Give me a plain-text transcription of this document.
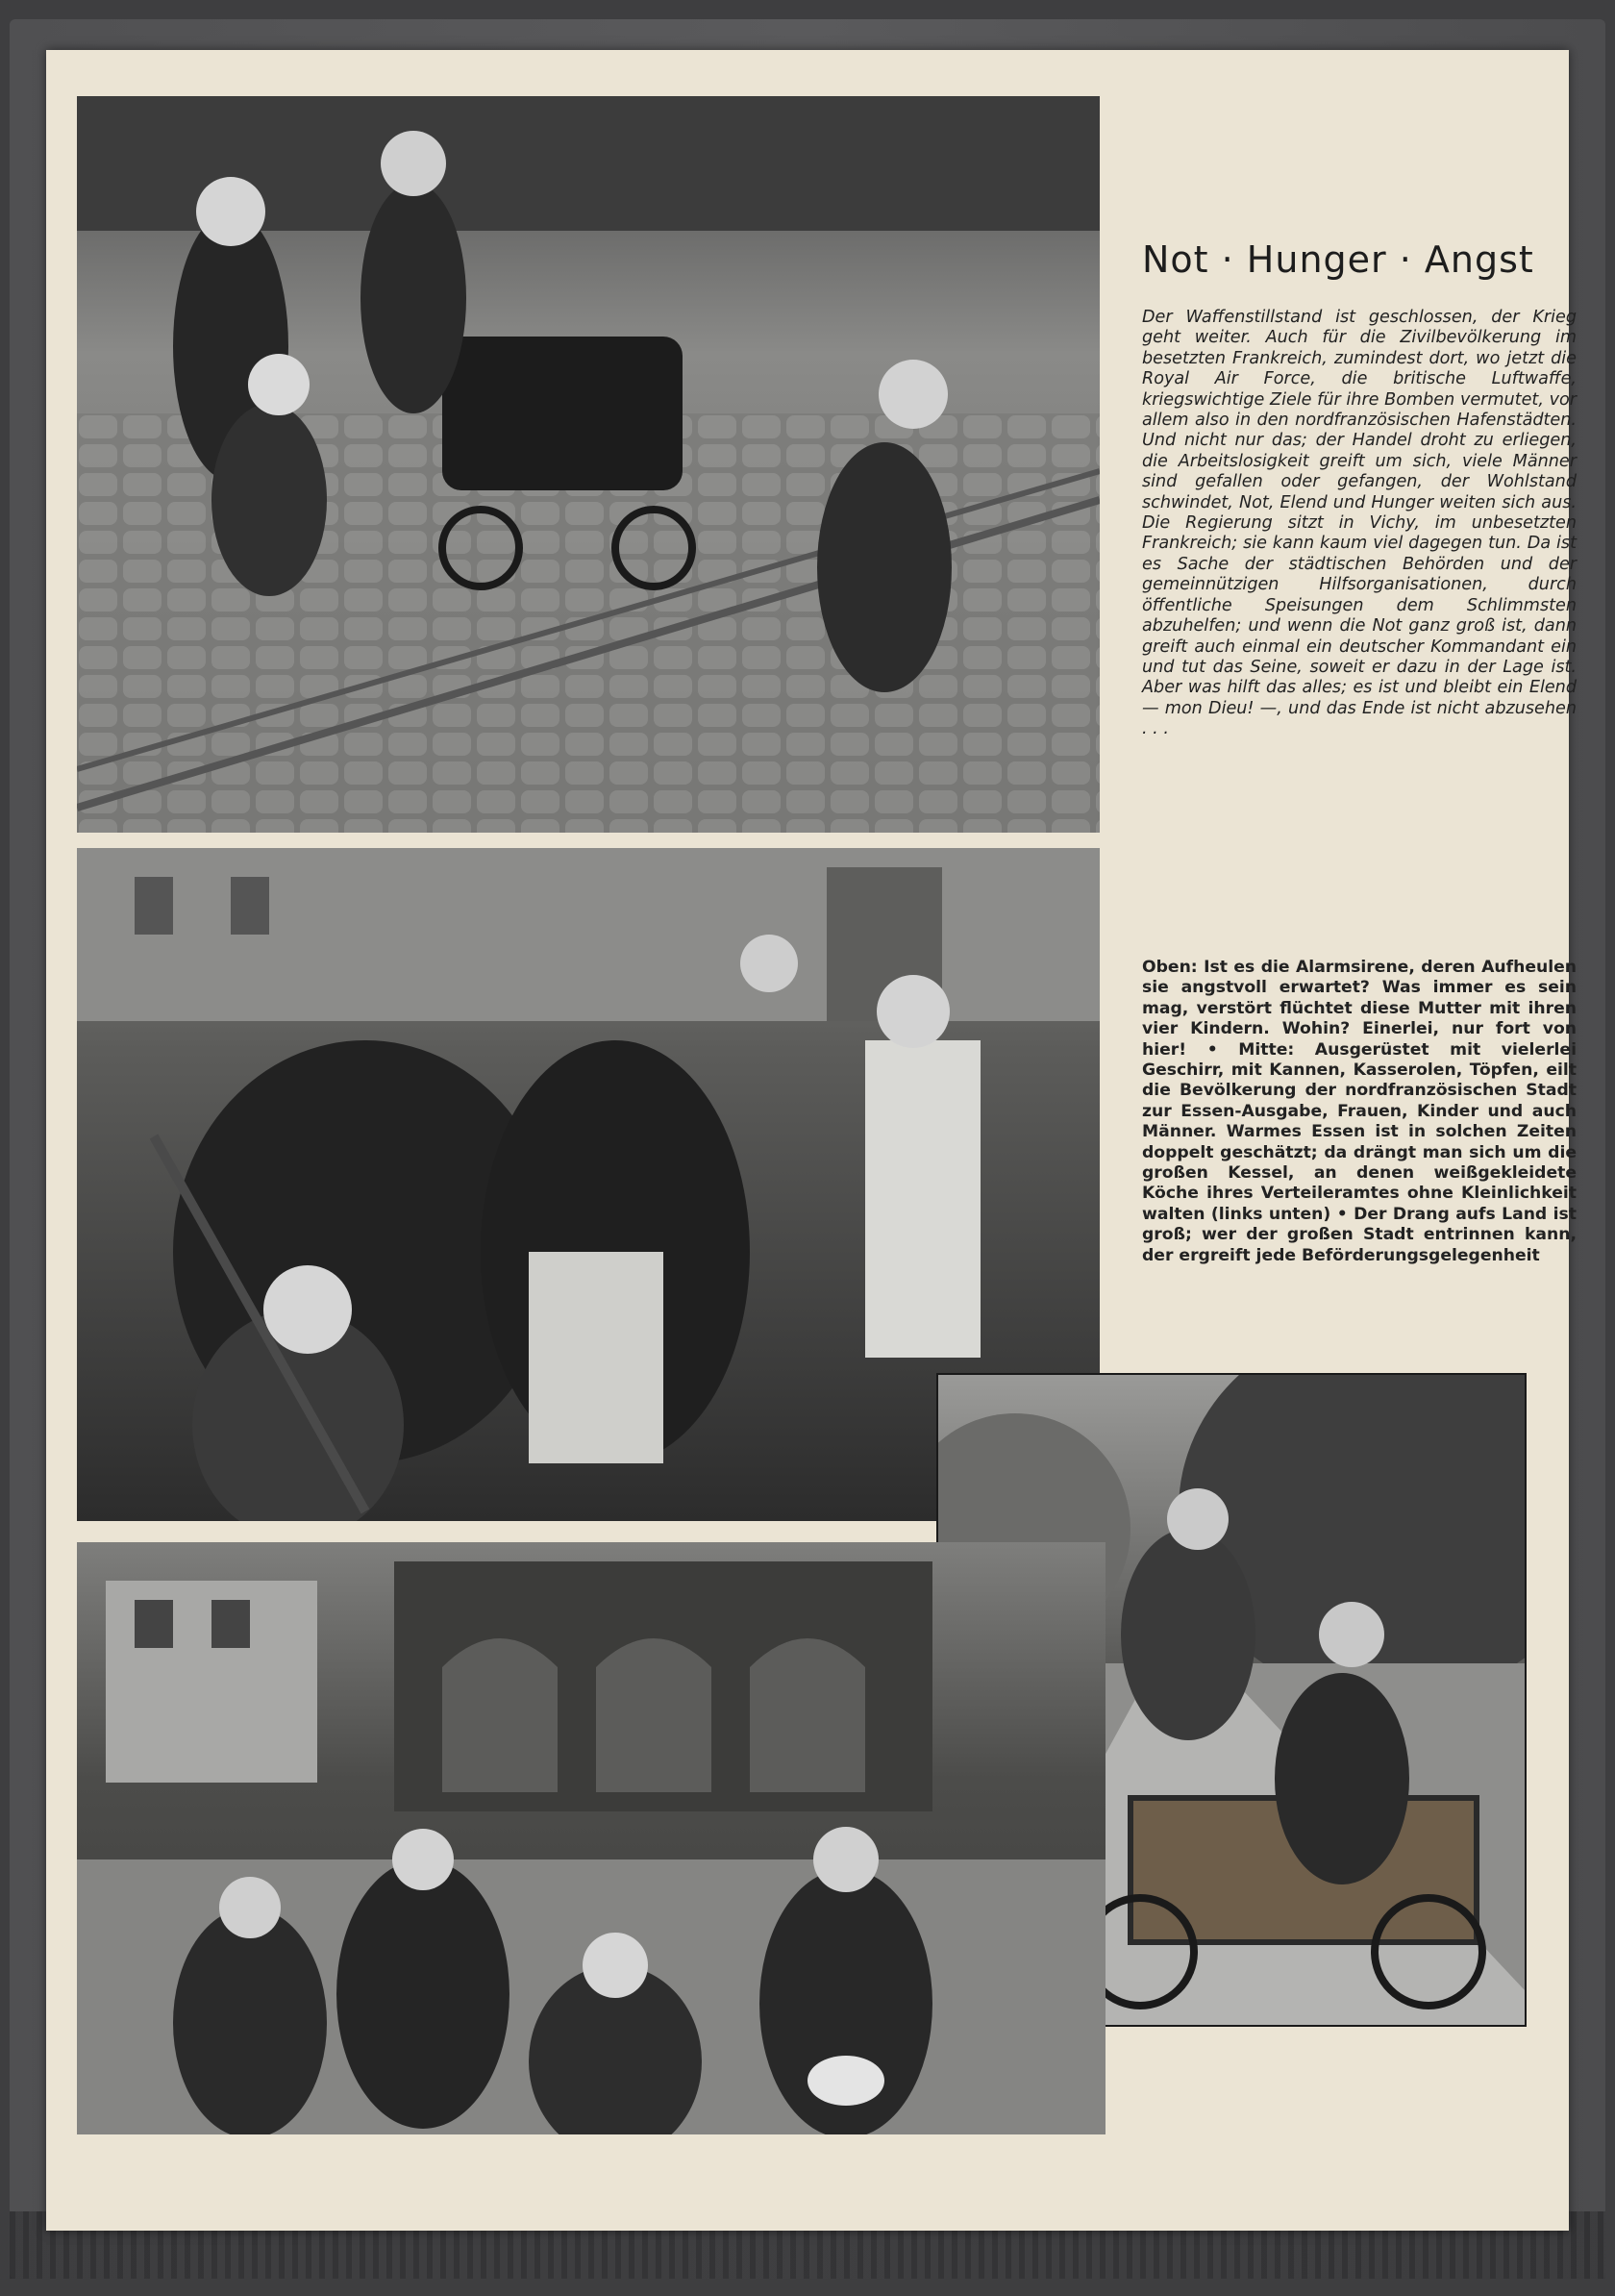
Not · Hunger · Angst

Der Waffenstillstand ist geschlossen, der Krieg geht weiter. Auch für die Zivilbevölkerung im besetzten Frankreich, zumindest dort, wo jetzt die Royal Air Force, die britische Luftwaffe, kriegswichtige Ziele für ihre Bomben vermutet, vor allem also in den nordfranzösischen Hafenstädten. Und nicht nur das; der Handel droht zu erliegen, die Arbeitslosigkeit greift um sich, viele Männer sind gefallen oder gefangen, der Wohlstand schwindet, Not, Elend und Hunger weiten sich aus. Die Regierung sitzt in Vichy, im unbesetzten Frankreich; sie kann kaum viel dagegen tun. Da ist es Sache der städtischen Behörden und der gemeinnützigen Hilfsorganisationen, durch öffentliche Speisungen dem Schlimmsten abzuhelfen; und wenn die Not ganz groß ist, dann greift auch einmal ein deutscher Kommandant ein und tut das Seine, soweit er dazu in der Lage ist. Aber was hilft das alles; es ist und bleibt ein Elend — mon Dieu! —, und das Ende ist nicht abzusehen . . .

Oben: Ist es die Alarmsirene, deren Aufheulen sie angstvoll erwartet? Was immer es sein mag, verstört flüchtet diese Mutter mit ihren vier Kindern. Wohin? Einerlei, nur fort von hier! • Mitte: Ausgerüstet mit vielerlei Geschirr, mit Kannen, Kasserolen, Töpfen, eilt die Bevölkerung der nordfranzösischen Stadt zur Essen-Ausgabe, Frauen, Kinder und auch Männer. Warmes Essen ist in solchen Zeiten doppelt geschätzt; da drängt man sich um die großen Kessel, an denen weißgekleidete Köche ihres Verteileramtes ohne Kleinlichkeit walten (links unten) • Der Drang aufs Land ist groß; wer der großen Stadt entrinnen kann, der ergreift jede Beförderungsgelegenheit
